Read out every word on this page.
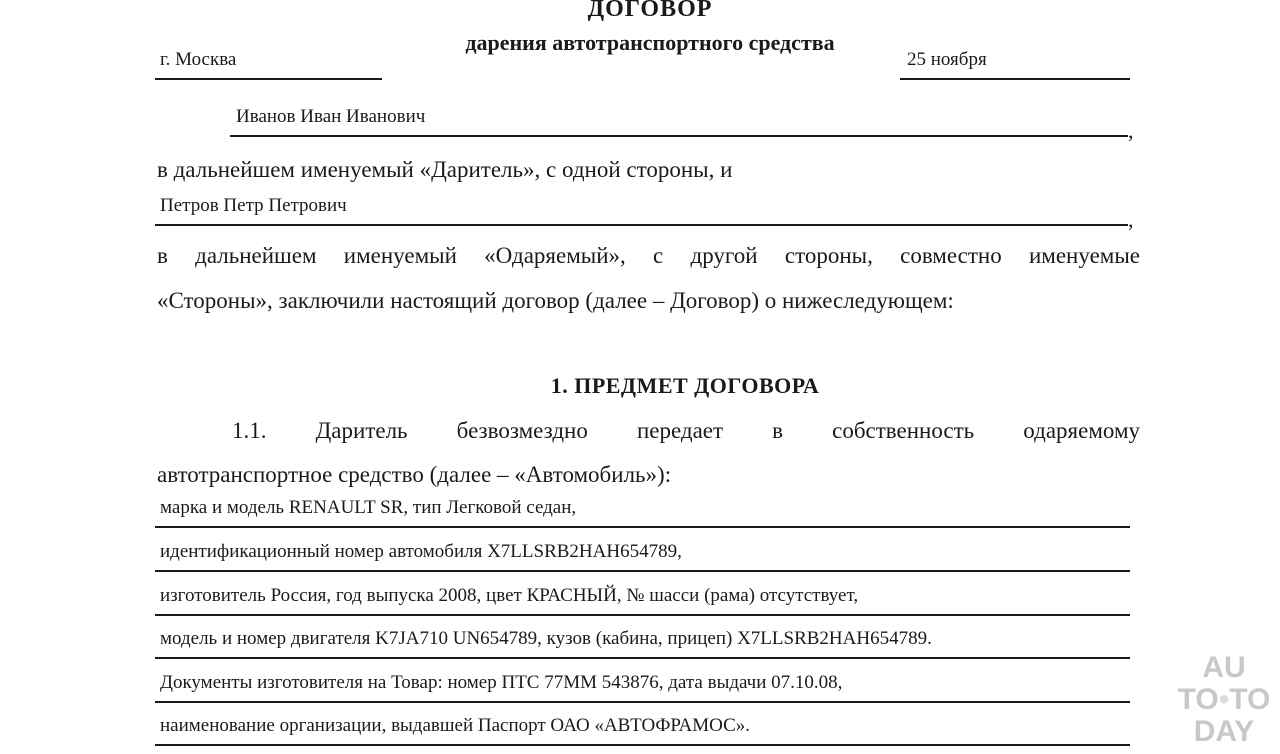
ДОГОВОР
дарения автотранспортного средства
г. Москва	25 ноября
Иванов Иван Иванович
,
в дальнейшем именуемый «Даритель», с одной стороны, и
Петров Петр Петрович
,
в дальнейшем именуемый «Одаряемый», с другой стороны, совместно именуемые
«Стороны», заключили настоящий договор (далее – Договор) о нижеследующем:
1. ПРЕДМЕТ ДОГОВОРА
1.1.  Даритель  безвозмездно  передает  в  собственность  одаряемому
автотранспортное средство (далее – «Автомобиль»):
марка и модель RENAULT SR, тип Легковой седан,
идентификационный номер автомобиля X7LLSRB2HAH654789,
изготовитель Россия, год выпуска 2008, цвет КРАСНЫЙ, № шасси (рама) отсутствует,
модель и номер двигателя K7JA710 UN654789, кузов (кабина, прицеп) X7LLSRB2HAH654789.
Документы изготовителя на Товар: номер ПТС 77ММ 543876, дата выдачи 07.10.08,
наименование организации, выдавшей Паспорт ОАО «АВТОФРАМОС».
AU
TO•TO
DAY
